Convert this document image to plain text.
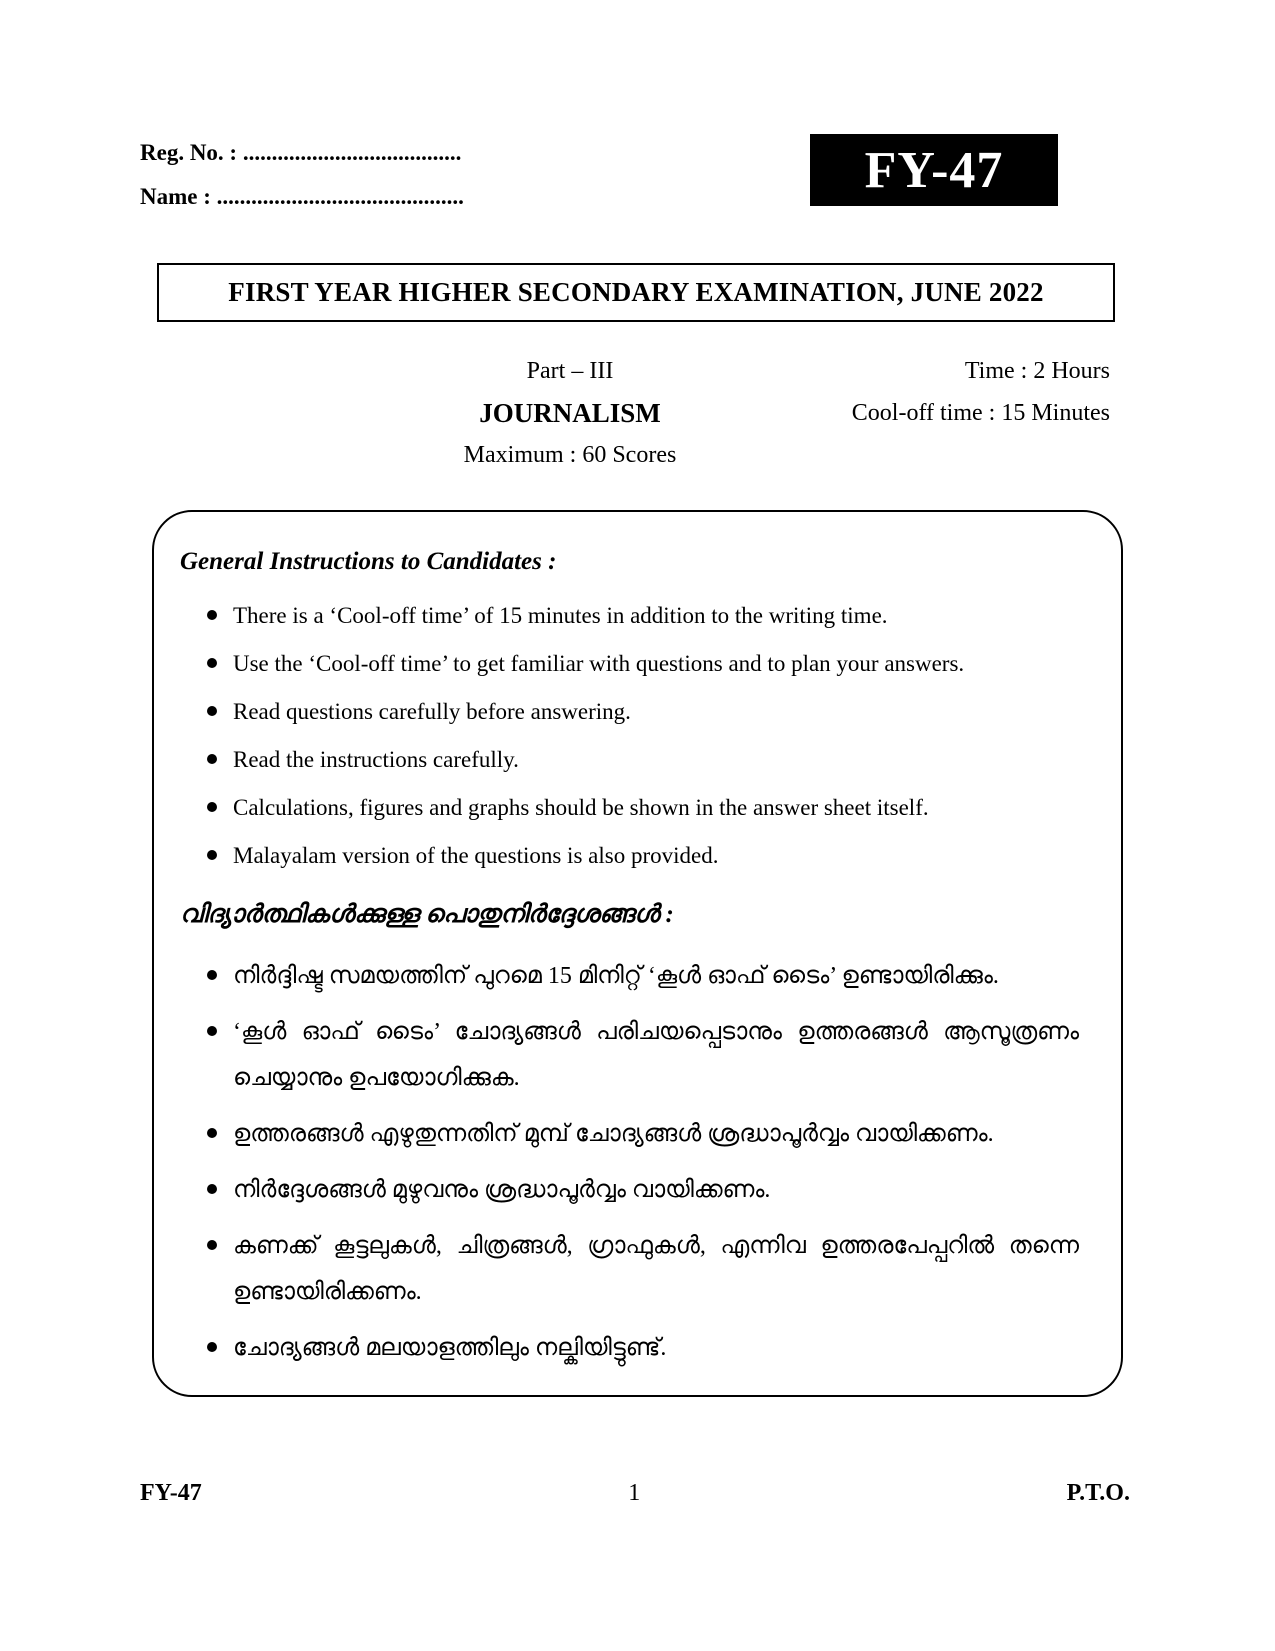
Reg. No. : ......................................
Name : ...........................................	FY-47
FIRST YEAR HIGHER SECONDARY EXAMINATION, JUNE 2022
Part – III
JOURNALISM
Maximum : 60 Scores
Time : 2 Hours
Cool-off time : 15 Minutes
General Instructions to Candidates :
There is a ‘Cool-off time’ of 15 minutes in addition to the writing time.
Use the ‘Cool-off time’ to get familiar with questions and to plan your answers.
Read questions carefully before answering.
Read the instructions carefully.
Calculations, figures and graphs should be shown in the answer sheet itself.
Malayalam version of the questions is also provided.
വിദ്യാർത്ഥികൾക്കുള്ള പൊതുനിർദ്ദേശങ്ങൾ :
നിർദ്ദിഷ്ട സമയത്തിന് പുറമെ 15 മിനിറ്റ് ‘കൂൾ ഓഫ് ടൈം’ ഉണ്ടായിരിക്കും.
‘കൂൾ ഓഫ് ടൈം’ ചോദ്യങ്ങൾ പരിചയപ്പെടാനും ഉത്തരങ്ങൾ ആസൂത്രണം ചെയ്യാനും ഉപയോഗിക്കുക.
ഉത്തരങ്ങൾ എഴുതുന്നതിന് മുമ്പ് ചോദ്യങ്ങൾ ശ്രദ്ധാപൂർവ്വം വായിക്കണം.
നിർദ്ദേശങ്ങൾ മുഴുവനും ശ്രദ്ധാപൂർവ്വം വായിക്കണം.
കണക്ക് കൂട്ടലുകൾ, ചിത്രങ്ങൾ, ഗ്രാഫുകൾ, എന്നിവ ഉത്തരപേപ്പറിൽ തന്നെ ഉണ്ടായിരിക്കണം.
ചോദ്യങ്ങൾ മലയാളത്തിലും നല്കിയിട്ടുണ്ട്.
FY-47	1	P.T.O.
